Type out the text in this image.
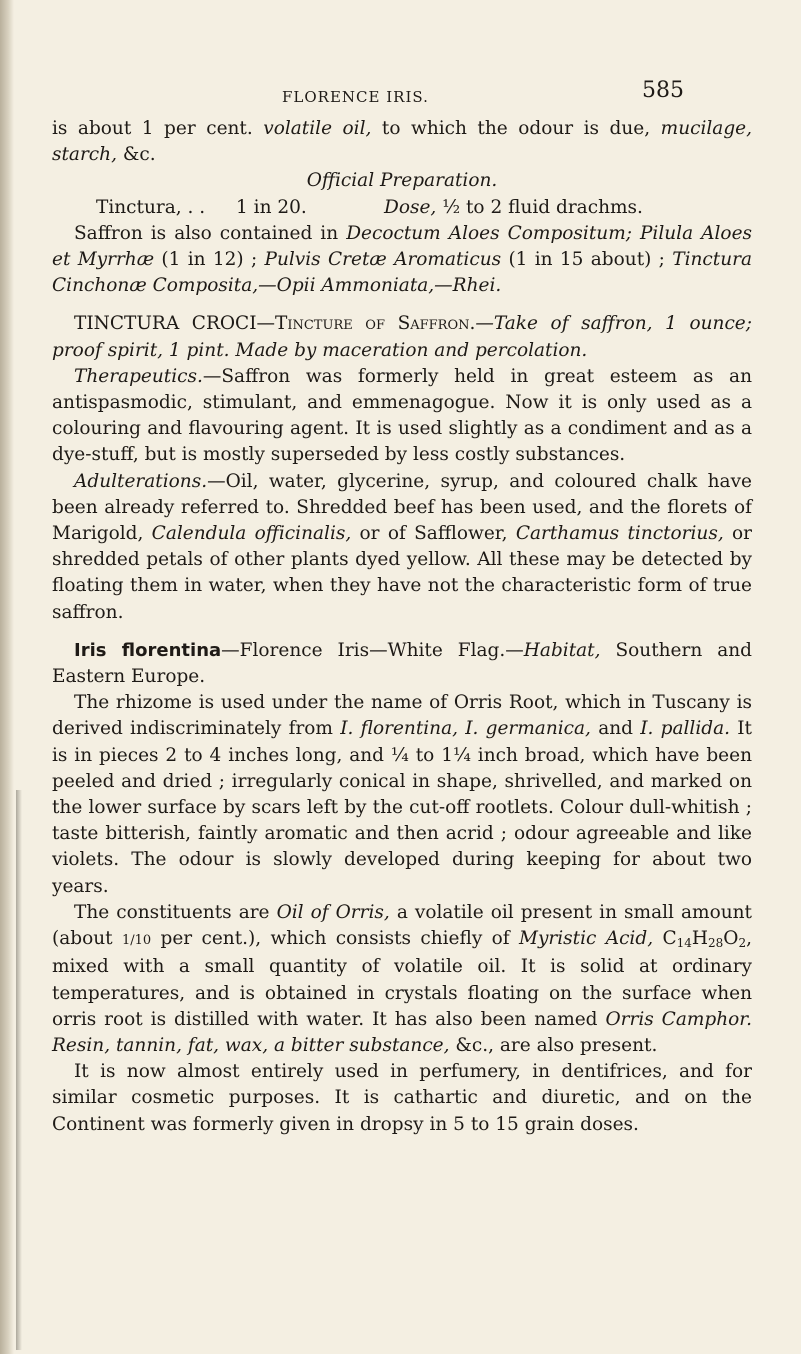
FLORENCE IRIS.	585

is about 1 per cent. volatile oil, to which the odour is due, mucilage, starch, &c.

Official Preparation.

Tinctura, . . 1 in 20.	Dose, ½ to 2 fluid drachms.

Saffron is also contained in Decoctum Aloes Compositum; Pilula Aloes et Myrrhæ (1 in 12) ; Pulvis Cretæ Aromaticus (1 in 15 about) ; Tinctura Cinchonæ Composita,—Opii Ammoniata,—Rhei.

TINCTURA CROCI—Tincture of Saffron.—Take of saffron, 1 ounce; proof spirit, 1 pint. Made by maceration and percolation.

Therapeutics.—Saffron was formerly held in great esteem as an antispasmodic, stimulant, and emmenagogue. Now it is only used as a colouring and flavouring agent. It is used slightly as a condiment and as a dye-stuff, but is mostly superseded by less costly substances.

Adulterations.—Oil, water, glycerine, syrup, and coloured chalk have been already referred to. Shredded beef has been used, and the florets of Marigold, Calendula officinalis, or of Safflower, Carthamus tinctorius, or shredded petals of other plants dyed yellow. All these may be detected by floating them in water, when they have not the characteristic form of true saffron.

Iris florentina—Florence Iris—White Flag.—Habitat, Southern and Eastern Europe.

The rhizome is used under the name of Orris Root, which in Tuscany is derived indiscriminately from I. florentina, I. germanica, and I. pallida. It is in pieces 2 to 4 inches long, and ¼ to 1¼ inch broad, which have been peeled and dried ; irregularly conical in shape, shrivelled, and marked on the lower surface by scars left by the cut-off rootlets. Colour dull-whitish ; taste bitterish, faintly aromatic and then acrid ; odour agreeable and like violets. The odour is slowly developed during keeping for about two years.

The constituents are Oil of Orris, a volatile oil present in small amount (about 1/10 per cent.), which consists chiefly of Myristic Acid, $C_{14}H_{28}O_2$, mixed with a small quantity of volatile oil. It is solid at ordinary temperatures, and is obtained in crystals floating on the surface when orris root is distilled with water. It has also been named Orris Camphor. Resin, tannin, fat, wax, a bitter substance, &c., are also present.

It is now almost entirely used in perfumery, in dentifrices, and for similar cosmetic purposes. It is cathartic and diuretic, and on the Continent was formerly given in dropsy in 5 to 15 grain doses.
